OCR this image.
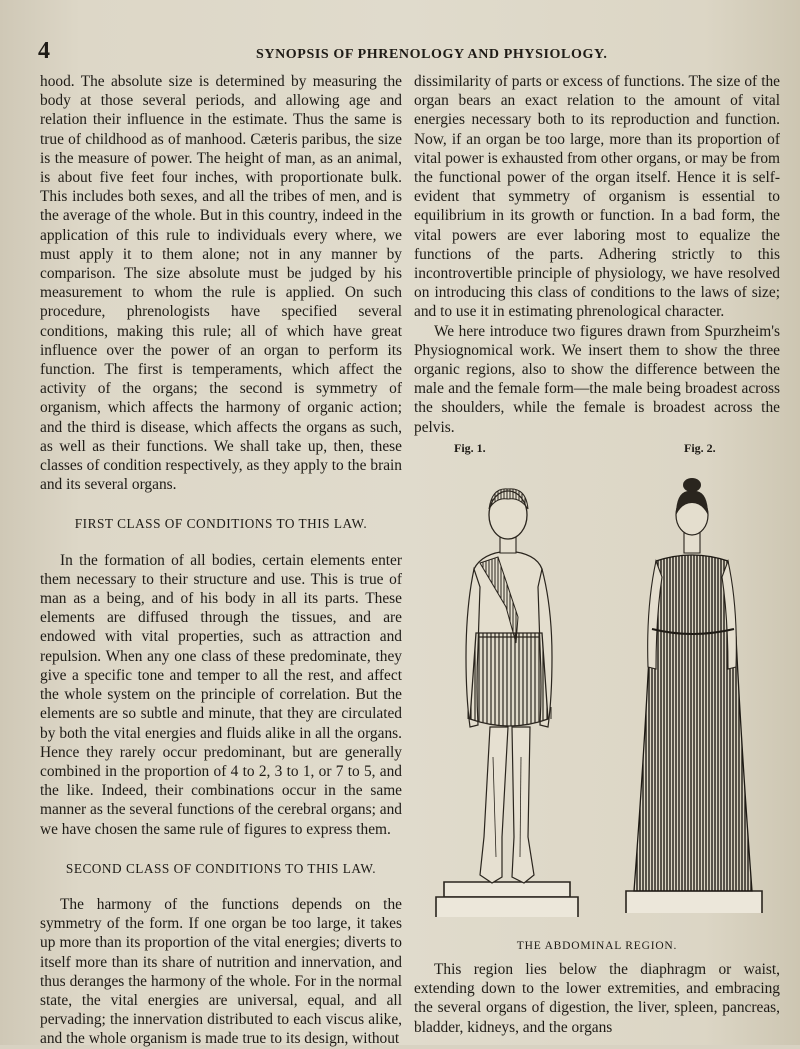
4	SYNOPSIS OF PHRENOLOGY AND PHYSIOLOGY.

hood. The absolute size is determined by measuring the body at those several periods, and allowing age and relation their influence in the estimate. Thus the same is true of childhood as of manhood. Cæteris paribus, the size is the measure of power. The height of man, as an animal, is about five feet four inches, with proportionate bulk. This includes both sexes, and all the tribes of men, and is the average of the whole. But in this country, indeed in the application of this rule to individuals every where, we must apply it to them alone; not in any manner by comparison. The size absolute must be judged by his measurement to whom the rule is applied. On such procedure, phrenologists have specified several conditions, making this rule; all of which have great influence over the power of an organ to perform its function. The first is temperaments, which affect the activity of the organs; the second is symmetry of organism, which affects the harmony of organic action; and the third is disease, which affects the organs as such, as well as their functions. We shall take up, then, these classes of condition respectively, as they apply to the brain and its several organs.

FIRST CLASS OF CONDITIONS TO THIS LAW.

In the formation of all bodies, certain elements enter them necessary to their structure and use. This is true of man as a being, and of his body in all its parts. These elements are diffused through the tissues, and are endowed with vital properties, such as attraction and repulsion. When any one class of these predominate, they give a specific tone and temper to all the rest, and affect the whole system on the principle of correlation. But the elements are so subtle and minute, that they are circulated by both the vital energies and fluids alike in all the organs. Hence they rarely occur predominant, but are generally combined in the proportion of 4 to 2, 3 to 1, or 7 to 5, and the like. Indeed, their combinations occur in the same manner as the several functions of the cerebral organs; and we have chosen the same rule of figures to express them.

SECOND CLASS OF CONDITIONS TO THIS LAW.

The harmony of the functions depends on the symmetry of the form. If one organ be too large, it takes up more than its proportion of the vital energies; diverts to itself more than its share of nutrition and innervation, and thus deranges the harmony of the whole. For in the normal state, the vital energies are universal, equal, and all pervading; the innervation distributed to each viscus alike, and the whole organism is made true to its design, without

dissimilarity of parts or excess of functions. The size of the organ bears an exact relation to the amount of vital energies necessary both to its reproduction and function. Now, if an organ be too large, more than its proportion of vital power is exhausted from other organs, or may be from the functional power of the organ itself. Hence it is self-evident that symmetry of organism is essential to equilibrium in its growth or function. In a bad form, the vital powers are ever laboring most to equalize the functions of the parts. Adhering strictly to this incontrovertible principle of physiology, we have resolved on introducing this class of conditions to the laws of size; and to use it in estimating phrenological character.

We here introduce two figures drawn from Spurzheim's Physiognomical work. We insert them to show the three organic regions, also to show the difference between the male and the female form—the male being broadest across the shoulders, while the female is broadest across the pelvis.

Fig. 1.	Fig. 2.
THE ABDOMINAL REGION.

This region lies below the diaphragm or waist, extending down to the lower extremities, and embracing the several organs of digestion, the liver, spleen, pancreas, bladder, kidneys, and the organs
